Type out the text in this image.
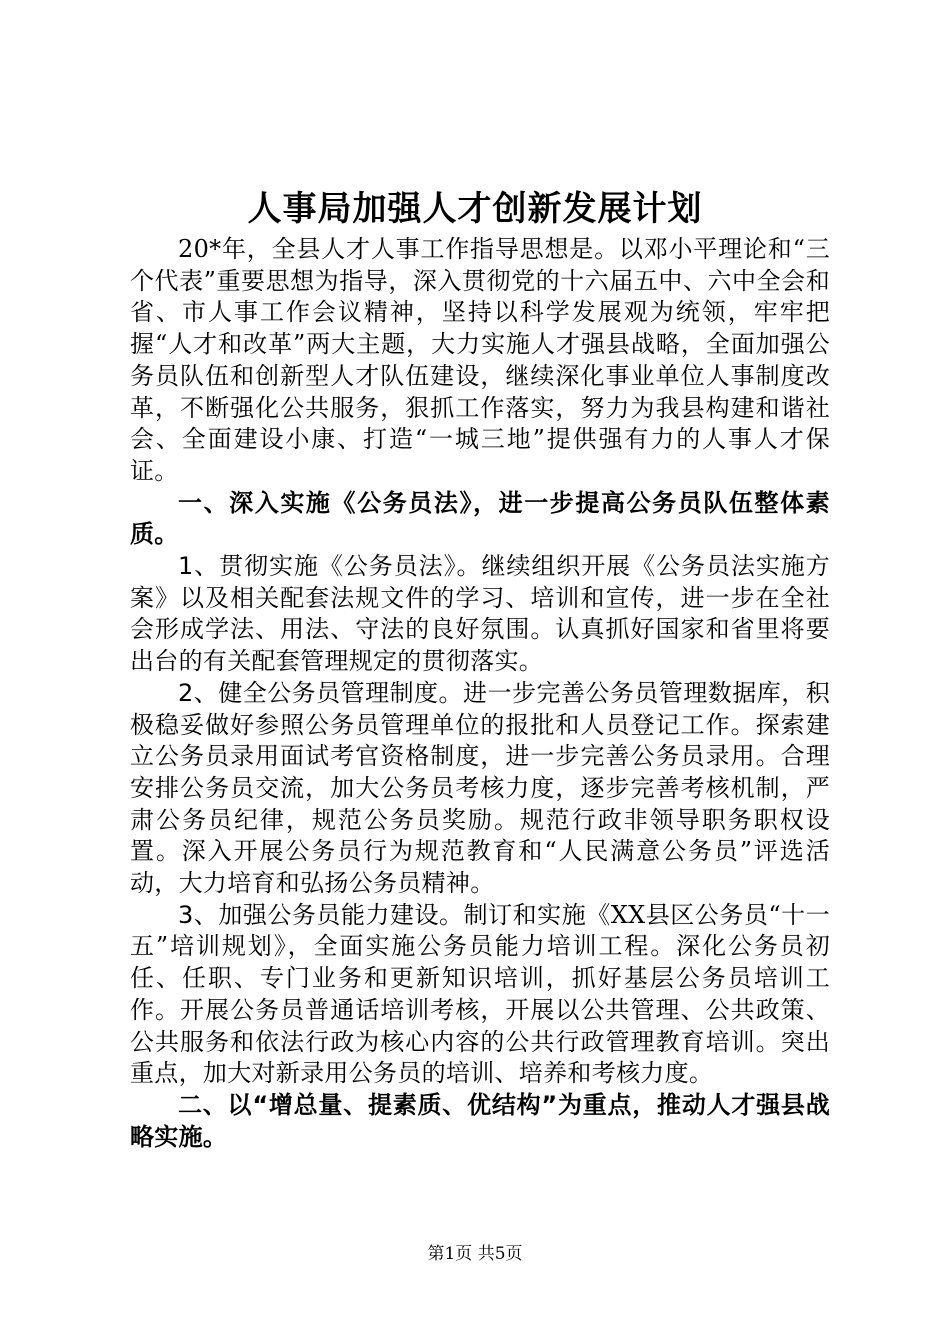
人事局加强人才创新发展计划

20*年，全县人才人事工作指导思想是。以邓小平理论和“三个代表”重要思想为指导，深入贯彻党的十六届五中、六中全会和省、市人事工作会议精神，坚持以科学发展观为统领，牢牢把握“人才和改革”两大主题，大力实施人才强县战略，全面加强公务员队伍和创新型人才队伍建设，继续深化事业单位人事制度改革，不断强化公共服务，狠抓工作落实，努力为我县构建和谐社会、全面建设小康、打造“一城三地”提供强有力的人事人才保证。

一、深入实施《公务员法》，进一步提高公务员队伍整体素质。

1、贯彻实施《公务员法》。继续组织开展《公务员法实施方案》以及相关配套法规文件的学习、培训和宣传，进一步在全社会形成学法、用法、守法的良好氛围。认真抓好国家和省里将要出台的有关配套管理规定的贯彻落实。

2、健全公务员管理制度。进一步完善公务员管理数据库，积极稳妥做好参照公务员管理单位的报批和人员登记工作。探索建立公务员录用面试考官资格制度，进一步完善公务员录用。合理安排公务员交流，加大公务员考核力度，逐步完善考核机制，严肃公务员纪律，规范公务员奖励。规范行政非领导职务职权设置。深入开展公务员行为规范教育和“人民满意公务员”评选活动，大力培育和弘扬公务员精神。

3、加强公务员能力建设。制订和实施《XX县区公务员“十一五”培训规划》，全面实施公务员能力培训工程。深化公务员初任、任职、专门业务和更新知识培训，抓好基层公务员培训工作。开展公务员普通话培训考核，开展以公共管理、公共政策、公共服务和依法行政为核心内容的公共行政管理教育培训。突出重点，加大对新录用公务员的培训、培养和考核力度。

二、以“增总量、提素质、优结构”为重点，推动人才强县战略实施。

第1页 共5页
